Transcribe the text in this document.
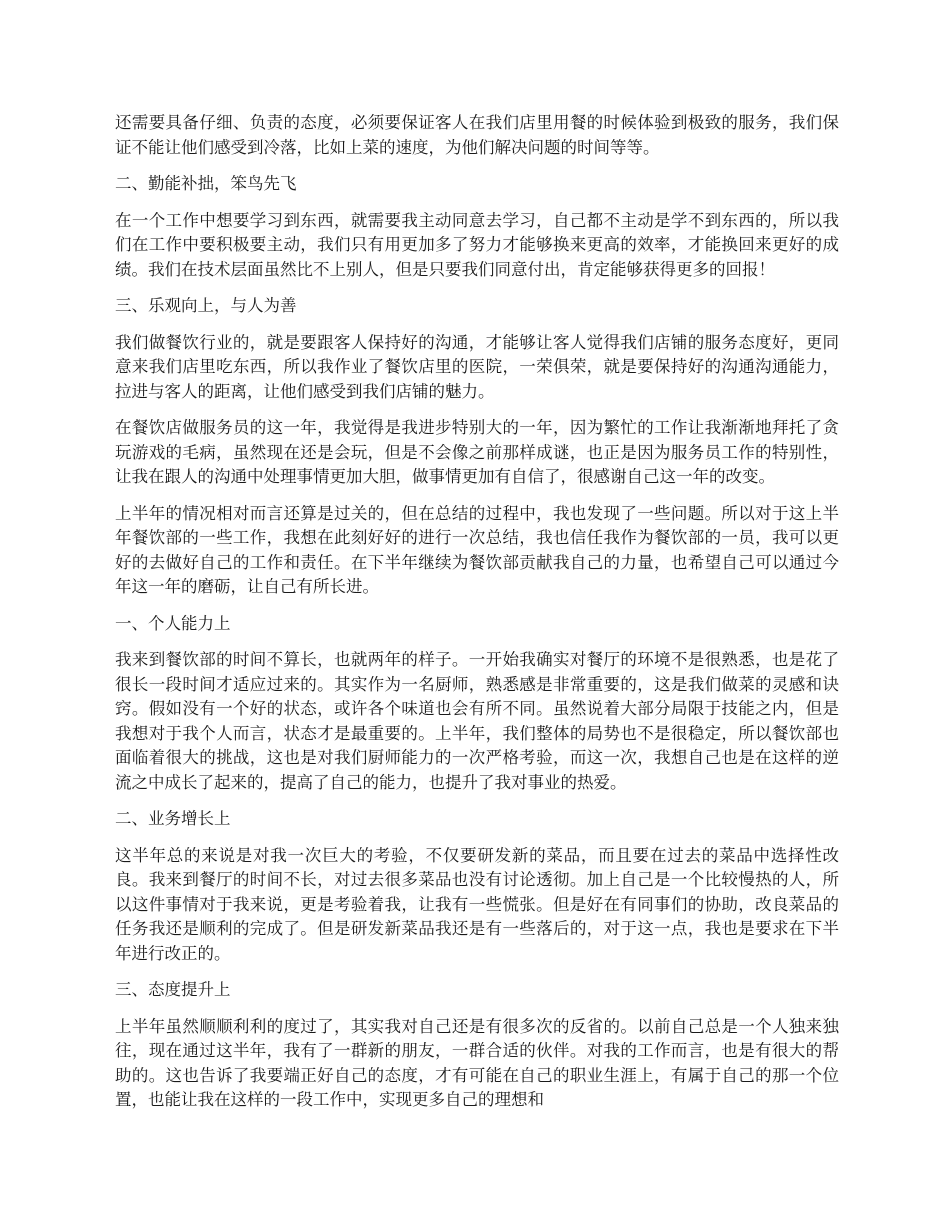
还需要具备仔细、负责的态度，必须要保证客人在我们店里用餐的时候体验到极致的服务，我们保证不能让他们感受到冷落，比如上菜的速度，为他们解决问题的时间等等。

二、勤能补拙，笨鸟先飞

在一个工作中想要学习到东西，就需要我主动同意去学习，自己都不主动是学不到东西的，所以我们在工作中要积极要主动，我们只有用更加多了努力才能够换来更高的效率，才能换回来更好的成绩。我们在技术层面虽然比不上别人，但是只要我们同意付出，肯定能够获得更多的回报！

三、乐观向上，与人为善

我们做餐饮行业的，就是要跟客人保持好的沟通，才能够让客人觉得我们店铺的服务态度好，更同意来我们店里吃东西，所以我作业了餐饮店里的医院，一荣俱荣，就是要保持好的沟通沟通能力，拉进与客人的距离，让他们感受到我们店铺的魅力。

在餐饮店做服务员的这一年，我觉得是我进步特别大的一年，因为繁忙的工作让我渐渐地拜托了贪玩游戏的毛病，虽然现在还是会玩，但是不会像之前那样成谜，也正是因为服务员工作的特别性，让我在跟人的沟通中处理事情更加大胆，做事情更加有自信了，很感谢自己这一年的改变。

上半年的情况相对而言还算是过关的，但在总结的过程中，我也发现了一些问题。所以对于这上半年餐饮部的一些工作，我想在此刻好好的进行一次总结，我也信任我作为餐饮部的一员，我可以更好的去做好自己的工作和责任。在下半年继续为餐饮部贡献我自己的力量，也希望自己可以通过今年这一年的磨砺，让自己有所长进。

一、个人能力上

我来到餐饮部的时间不算长，也就两年的样子。一开始我确实对餐厅的环境不是很熟悉，也是花了很长一段时间才适应过来的。其实作为一名厨师，熟悉感是非常重要的，这是我们做菜的灵感和诀窍。假如没有一个好的状态，或许各个味道也会有所不同。虽然说着大部分局限于技能之内，但是我想对于我个人而言，状态才是最重要的。上半年，我们整体的局势也不是很稳定，所以餐饮部也面临着很大的挑战，这也是对我们厨师能力的一次严格考验，而这一次，我想自己也是在这样的逆流之中成长了起来的，提高了自己的能力，也提升了我对事业的热爱。

二、业务增长上

这半年总的来说是对我一次巨大的考验，不仅要研发新的菜品，而且要在过去的菜品中选择性改良。我来到餐厅的时间不长，对过去很多菜品也没有讨论透彻。加上自己是一个比较慢热的人，所以这件事情对于我来说，更是考验着我，让我有一些慌张。但是好在有同事们的协助，改良菜品的任务我还是顺利的完成了。但是研发新菜品我还是有一些落后的，对于这一点，我也是要求在下半年进行改正的。

三、态度提升上

上半年虽然顺顺利利的度过了，其实我对自己还是有很多次的反省的。以前自己总是一个人独来独往，现在通过这半年，我有了一群新的朋友，一群合适的伙伴。对我的工作而言，也是有很大的帮助的。这也告诉了我要端正好自己的态度，才有可能在自己的职业生涯上，有属于自己的那一个位置，也能让我在这样的一段工作中，实现更多自己的理想和
